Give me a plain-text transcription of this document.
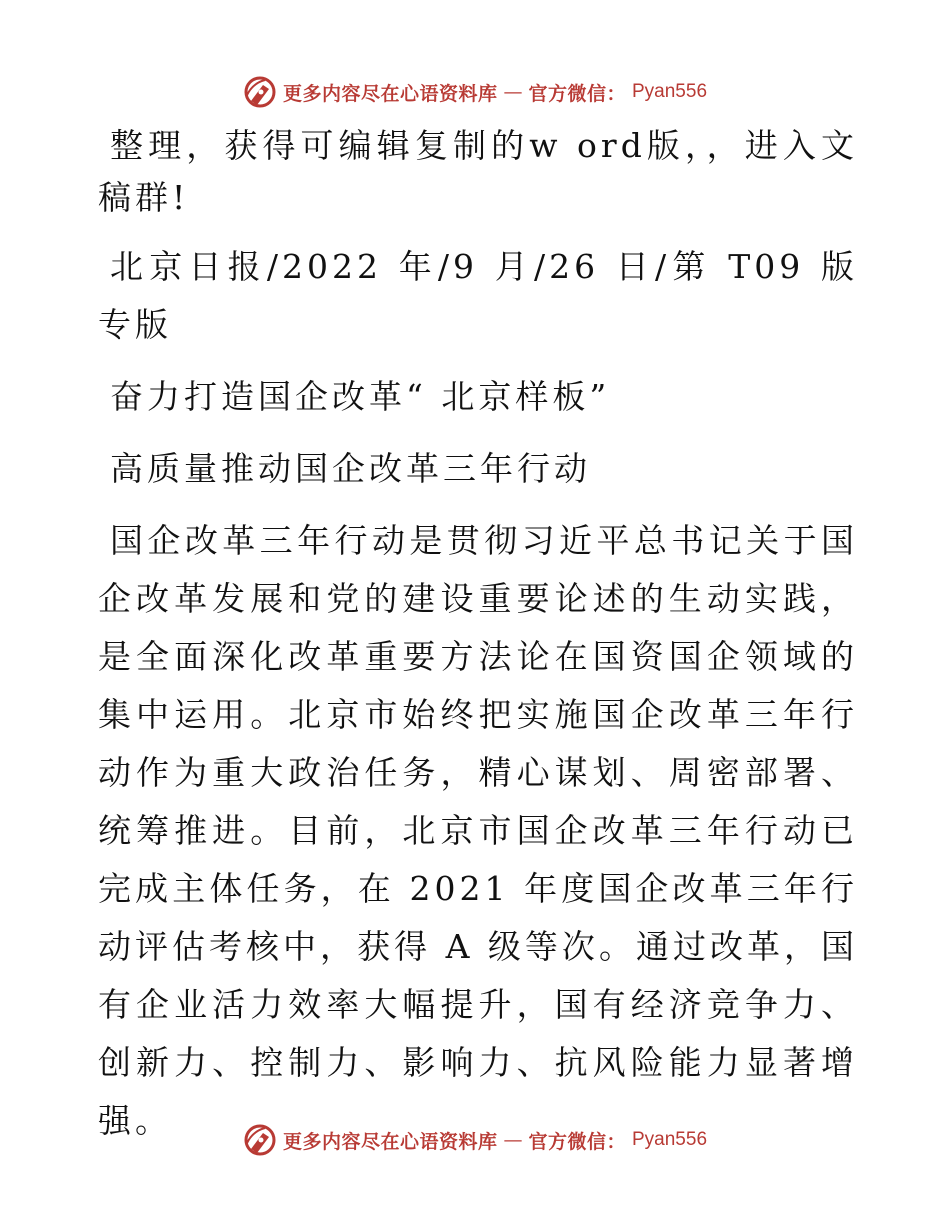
更多内容尽在心语资料库 — 官方微信： Pyan556

整理，获得可编辑复制的w ord版，，进入文稿群!

北京日报/2022 年/9 月/26 日/第 T09 版专版

奋力打造国企改革“ 北京样板”

高质量推动国企改革三年行动

国企改革三年行动是贯彻习近平总书记关于国企改革发展和党的建设重要论述的生动实践，是全面深化改革重要方法论在国资国企领域的集中运用。北京市始终把实施国企改革三年行动作为重大政治任务，精心谋划、周密部署、统筹推进。目前，北京市国企改革三年行动已完成主体任务，在 2021 年度国企改革三年行动评估考核中，获得 A 级等次。通过改革，国有企业活力效率大幅提升，国有经济竞争力、创新力、控制力、影响力、抗风险能力显著增强。

更多内容尽在心语资料库 — 官方微信： Pyan556
